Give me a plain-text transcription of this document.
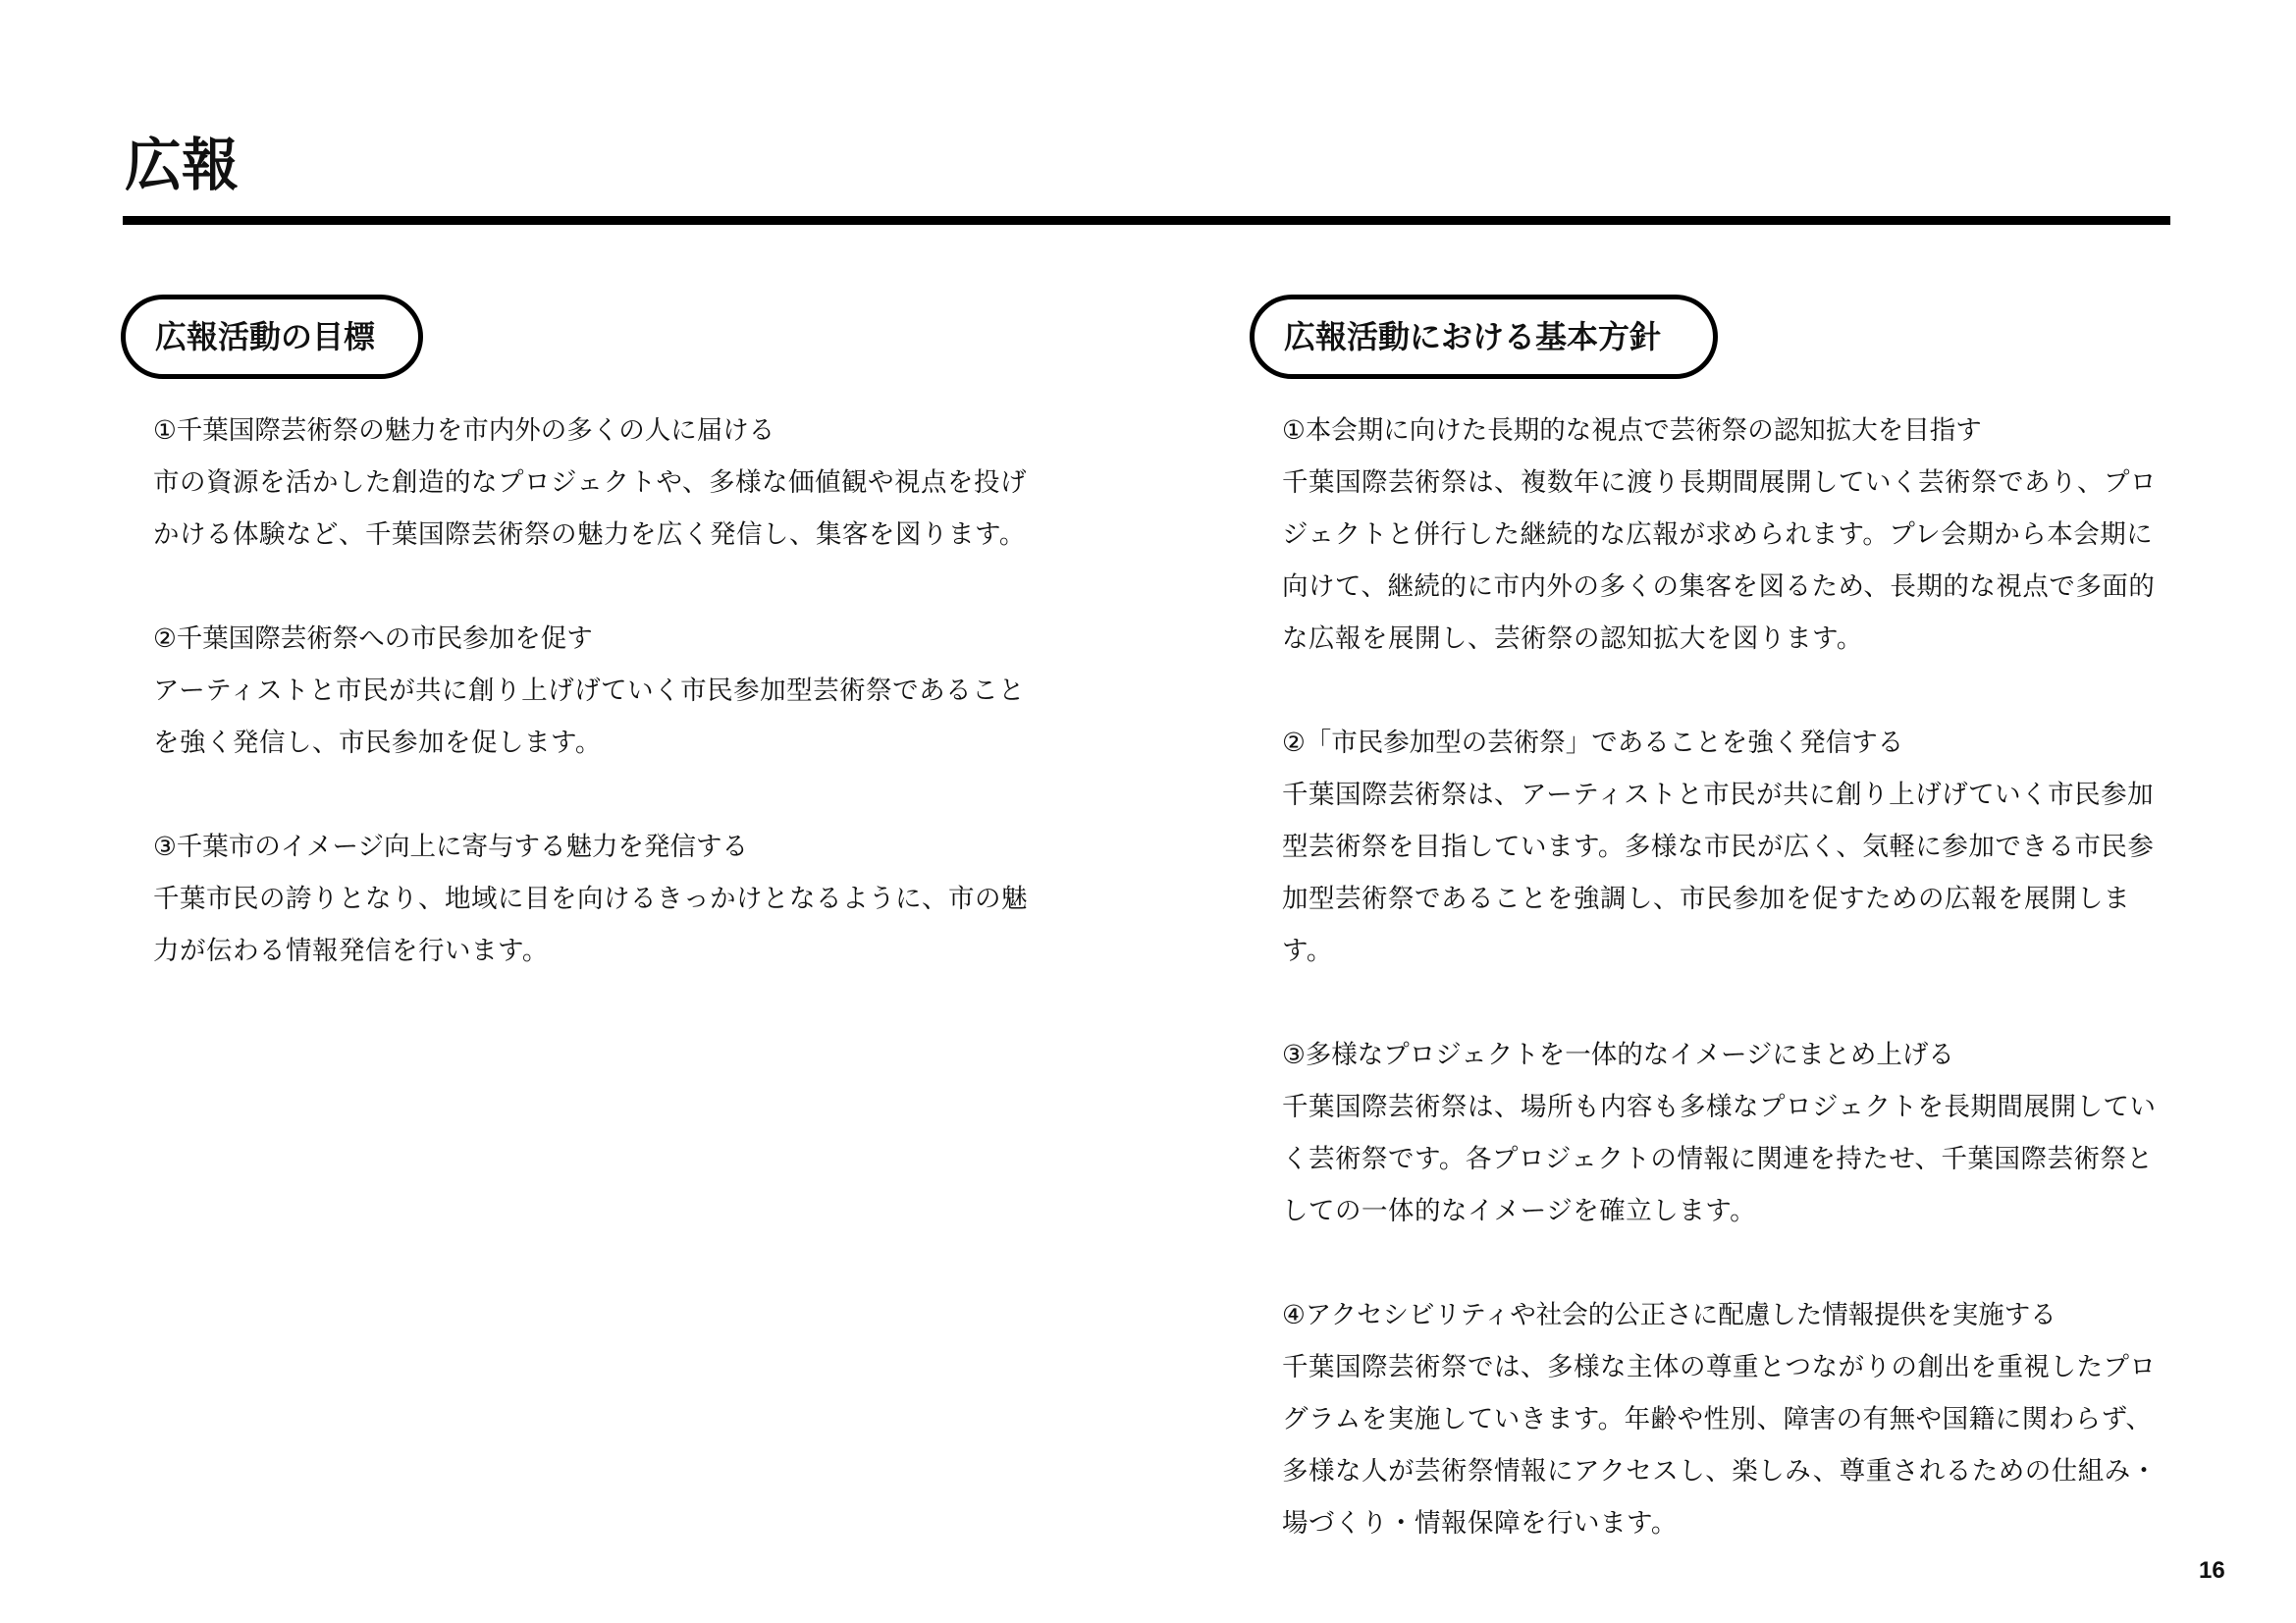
広報
広報活動の目標

①千葉国際芸術祭の魅力を市内外の多くの人に届ける

市の資源を活かした創造的なプロジェクトや、多様な価値観や視点を投げかける体験など、千葉国際芸術祭の魅力を広く発信し、集客を図ります。

②千葉国際芸術祭への市民参加を促す

アーティストと市民が共に創り上げげていく市民参加型芸術祭であることを強く発信し、市民参加を促します。

③千葉市のイメージ向上に寄与する魅力を発信する

千葉市民の誇りとなり、地域に目を向けるきっかけとなるように、市の魅力が伝わる情報発信を行います。

広報活動における基本方針

①本会期に向けた長期的な視点で芸術祭の認知拡大を目指す

千葉国際芸術祭は、複数年に渡り長期間展開していく芸術祭であり、プロジェクトと併行した継続的な広報が求められます。プレ会期から本会期に向けて、継続的に市内外の多くの集客を図るため、長期的な視点で多面的な広報を展開し、芸術祭の認知拡大を図ります。

②「市民参加型の芸術祭」であることを強く発信する

千葉国際芸術祭は、アーティストと市民が共に創り上げげていく市民参加型芸術祭を目指しています。多様な市民が広く、気軽に参加できる市民参加型芸術祭であることを強調し、市民参加を促すための広報を展開します。

③多様なプロジェクトを一体的なイメージにまとめ上げる

千葉国際芸術祭は、場所も内容も多様なプロジェクトを長期間展開していく芸術祭です。各プロジェクトの情報に関連を持たせ、千葉国際芸術祭としての一体的なイメージを確立します。

④アクセシビリティや社会的公正さに配慮した情報提供を実施する

千葉国際芸術祭では、多様な主体の尊重とつながりの創出を重視したプログラムを実施していきます。年齢や性別、障害の有無や国籍に関わらず、多様な人が芸術祭情報にアクセスし、楽しみ、尊重されるための仕組み・場づくり・情報保障を行います。

16
